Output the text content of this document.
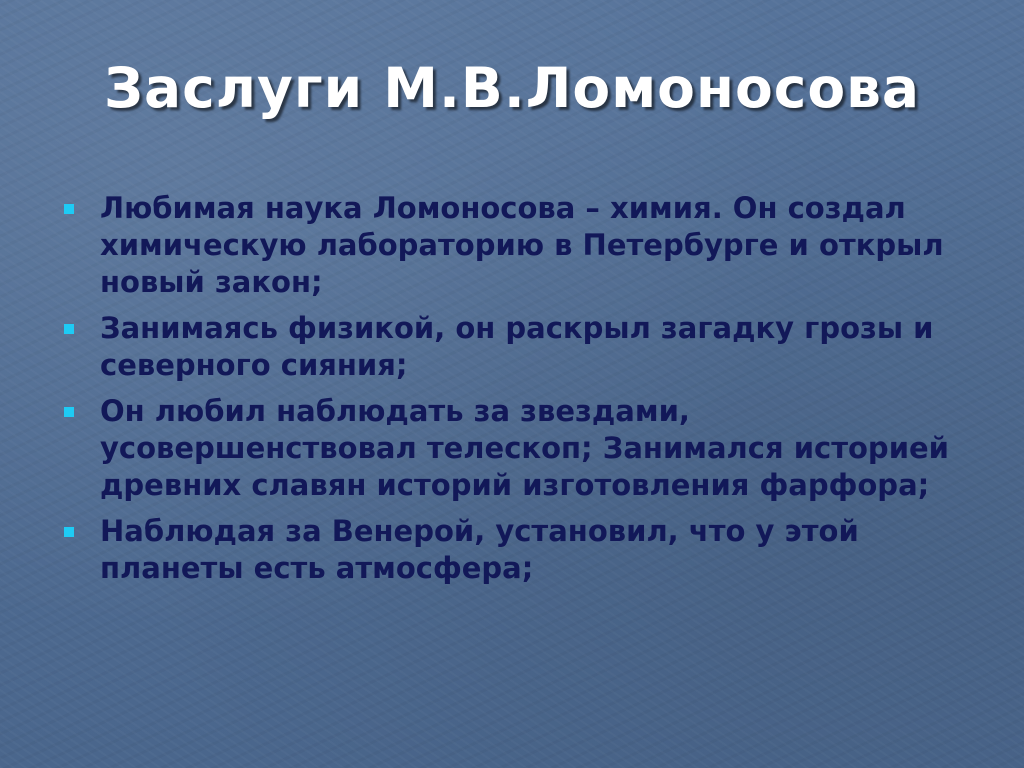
Заслуги М.В.Ломоносова
Любимая наука Ломоносова – химия. Он создал химическую лабораторию в Петербурге и открыл новый закон;
Занимаясь физикой, он раскрыл загадку грозы и северного сияния;
Он любил наблюдать за звездами, усовершенствовал телескоп; Занимался историей древних славян историй изготовления фарфора;
Наблюдая за Венерой, установил, что у этой планеты есть атмосфера;
